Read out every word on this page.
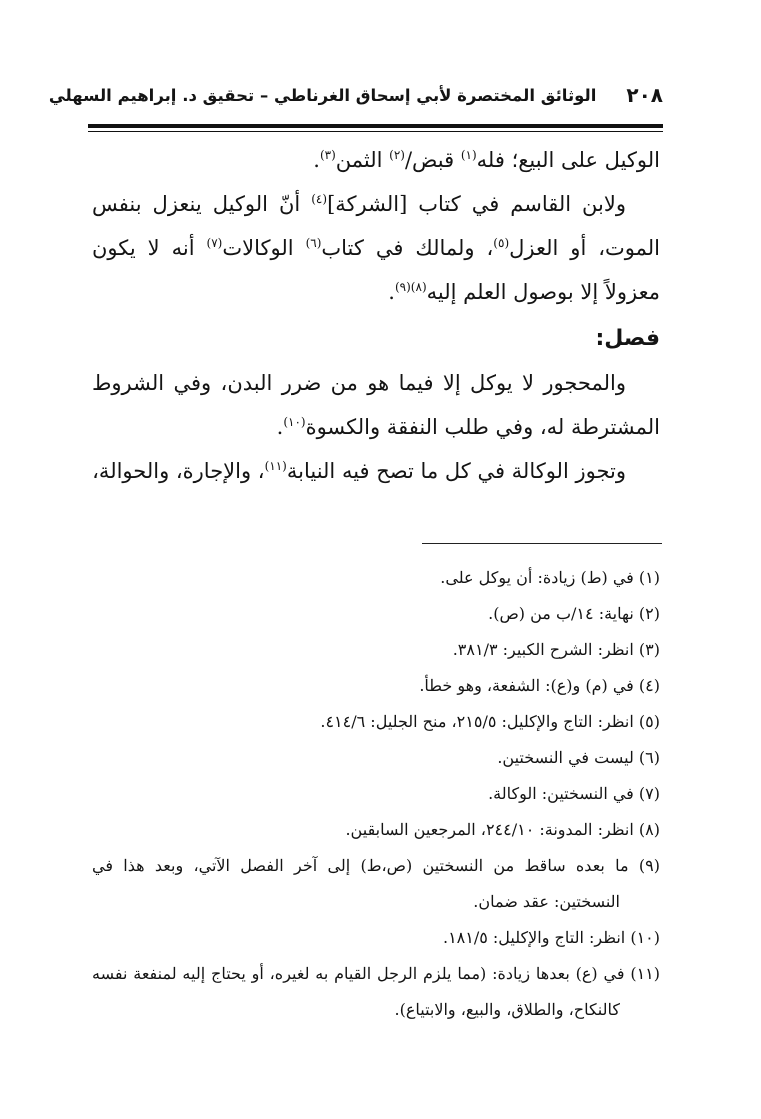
٢٠٨
الوثائق المختصرة لأبي إسحاق الغرناطي – تحقيق د. إبراهيم السهلي

الوكيل على البيع؛ فله$^{(١)}$ قبض/$^{(٢)}$ الثمن$^{(٣)}$.

ولابن القاسم في كتاب [الشركة]$^{(٤)}$ أنّ الوكيل ينعزل بنفس الموت، أو العزل$^{(٥)}$، ولمالك في كتاب$^{(٦)}$ الوكالات$^{(٧)}$ أنه لا يكون معزولاً إلا بوصول العلم إليه$^{(٨)(٩)}$.

فصل:

والمحجور لا يوكل إلا فيما هو من ضرر البدن، وفي الشروط المشترطة له، وفي طلب النفقة والكسوة$^{(١٠)}$.

وتجوز الوكالة في كل ما تصح فيه النيابة$^{(١١)}$، والإجارة، والحوالة،

(١) في (ط) زيادة: أن يوكل على.
(٢) نهاية: ١٤/ب من (ص).
(٣) انظر: الشرح الكبير: ٣٨١/٣.
(٤) في (م) و(ع): الشفعة، وهو خطأ.
(٥) انظر: التاج والإكليل: ٢١٥/٥، منح الجليل: ٤١٤/٦.
(٦) ليست في النسختين.
(٧) في النسختين: الوكالة.
(٨) انظر: المدونة: ٢٤٤/١٠، المرجعين السابقين.
(٩) ما بعده ساقط من النسختين (ص،ط) إلى آخر الفصل الآتي، وبعد هذا في النسختين: عقد ضمان.
(١٠) انظر: التاج والإكليل: ١٨١/٥.
(١١) في (ع) بعدها زيادة: (مما يلزم الرجل القيام به لغيره، أو يحتاج إليه لمنفعة نفسه كالنكاح، والطلاق، والبيع، والابتياع).
